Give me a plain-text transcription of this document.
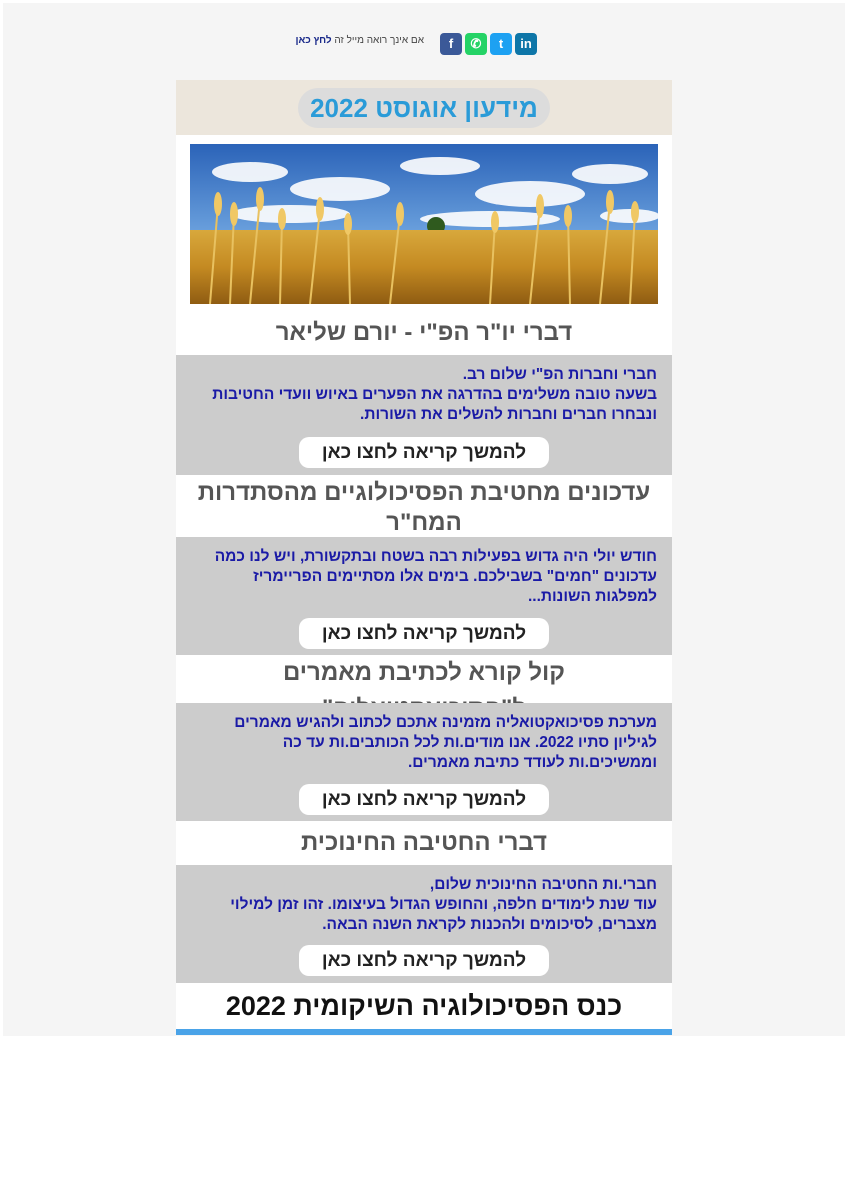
in
t
✆
f
אם אינך רואה מייל זה לחץ כאן
מידעון אוגוסט 2022
דברי יו"ר הפ"י - יורם שליאר
חברי וחברות הפ"י שלום רב.
בשעה טובה משלימים בהדרגה את הפערים באיוש וועדי החטיבות
ונבחרו חברים וחברות להשלים את השורות.
להמשך קריאה לחצו כאן
עדכונים מחטיבת הפסיכולוגיים מהסתדרות המח"ר
חודש יולי היה גדוש בפעילות רבה בשטח ובתקשורת, ויש לנו כמה עדכונים "חמים" בשבילכם. בימים אלו מסתיימים הפריימריז למפלגות השונות...
להמשך קריאה לחצו כאן
קול קורא לכתיבת מאמרים
מערכת פסיכואקטואליה מזמינה אתכם לכתוב ולהגיש מאמרים לגיליון סתיו 2022. אנו מודים.ות לכל הכותבים.ות עד כה וממשיכים.ות לעודד כתיבת מאמרים.
להמשך קריאה לחצו כאן
דברי החטיבה החינוכית
חברי.ות החטיבה החינוכית שלום,
עוד שנת לימודים חלפה, והחופש הגדול בעיצומו. זהו זמן למילוי מצברים, לסיכומים ולהכנות לקראת השנה הבאה.
להמשך קריאה לחצו כאן
כנס הפסיכולוגיה השיקומית 2022
